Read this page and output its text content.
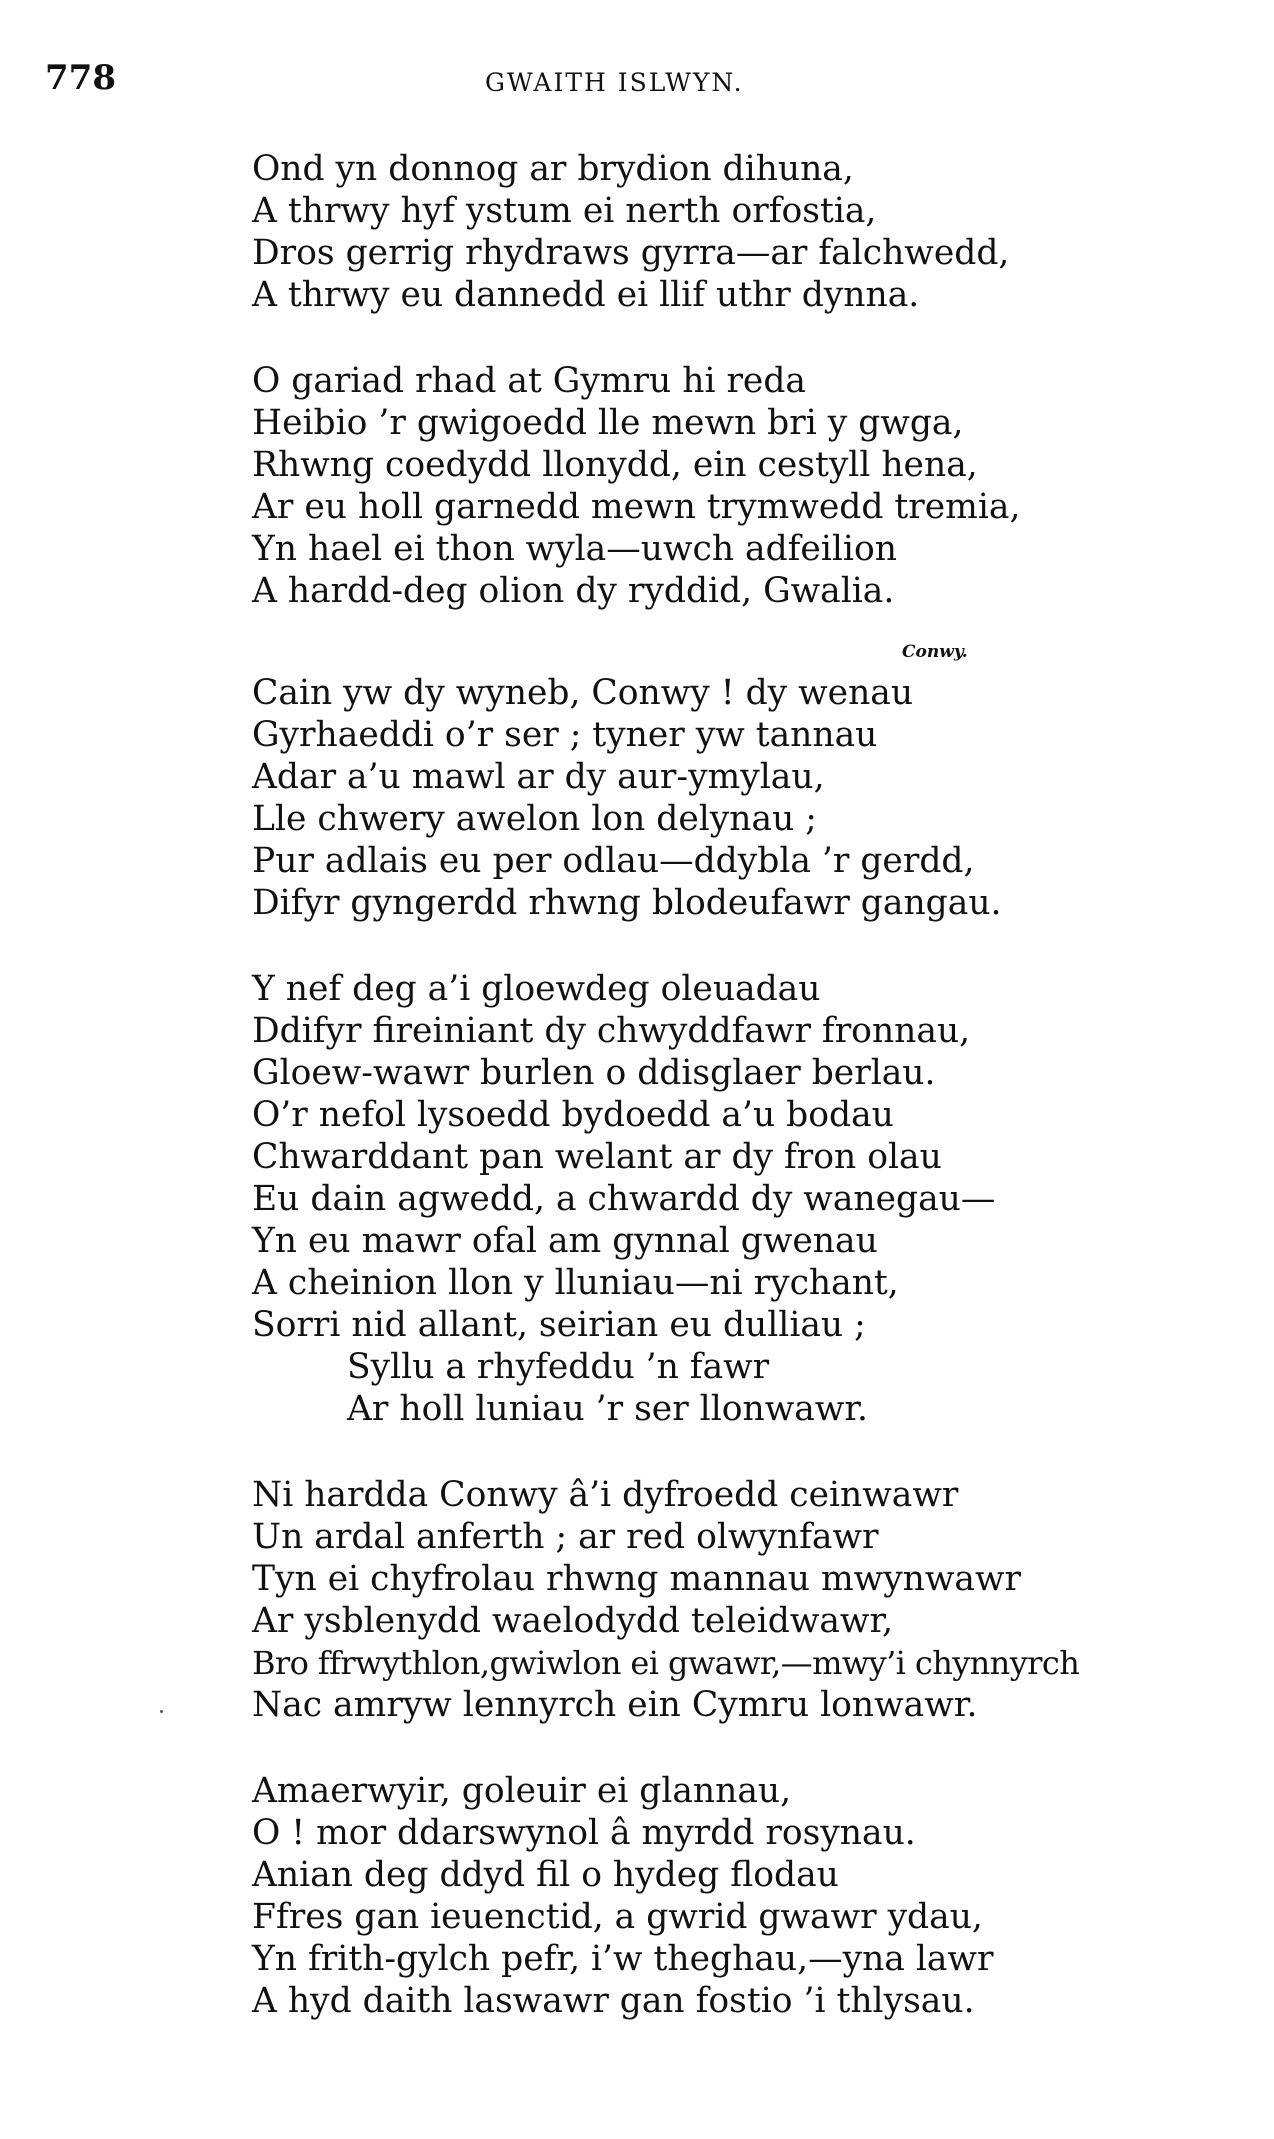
778	GWAITH ISLWYN.
Ond yn donnog ar brydion dihuna,
A thrwy hyf ystum ei nerth orfostia,
Dros gerrig rhydraws gyrra—ar falchwedd,
A thrwy eu dannedd ei llif uthr dynna.
O gariad rhad at Gymru hi reda
Heibio ’r gwigoedd lle mewn bri y gwga,
Rhwng coedydd llonydd, ein cestyll hena,
Ar eu holl garnedd mewn trymwedd tremia,
Yn hael ei thon wyla—uwch adfeilion
A hardd-deg olion dy ryddid, Gwalia.
Conwy.
Cain yw dy wyneb, Conwy ! dy wenau
Gyrhaeddi o’r ser ; tyner yw tannau
Adar a’u mawl ar dy aur-ymylau,
Lle chwery awelon lon delynau ;
Pur adlais eu per odlau—ddybla ’r gerdd,
Difyr gyngerdd rhwng blodeufawr gangau.
Y nef deg a’i gloewdeg oleuadau
Ddifyr fireiniant dy chwyddfawr fronnau,
Gloew-wawr burlen o ddisglaer berlau.
O’r nefol lysoedd bydoedd a’u bodau
Chwarddant pan welant ar dy fron olau
Eu dain agwedd, a chwardd dy wanegau—
Yn eu mawr ofal am gynnal gwenau
A cheinion llon y lluniau—ni rychant,
Sorri nid allant, seirian eu dulliau ;
Syllu a rhyfeddu ’n fawr
Ar holl luniau ’r ser llonwawr.
Ni hardda Conwy â’i dyfroedd ceinwawr
Un ardal anferth ; ar red olwynfawr
Tyn ei chyfrolau rhwng mannau mwynwawr
Ar ysblenydd waelodydd teleidwawr,
Bro ffrwythlon,gwiwlon ei gwawr,—mwy’i chynnyrch
Nac amryw lennyrch ein Cymru lonwawr.
Amaerwyir, goleuir ei glannau,
O ! mor ddarswynol â myrdd rosynau.
Anian deg ddyd fil o hydeg flodau
Ffres gan ieuenctid, a gwrid gwawr ydau,
Yn frith-gylch pefr, i’w theghau,—yna lawr
A hyd daith laswawr gan fostio ’i thlysau.
